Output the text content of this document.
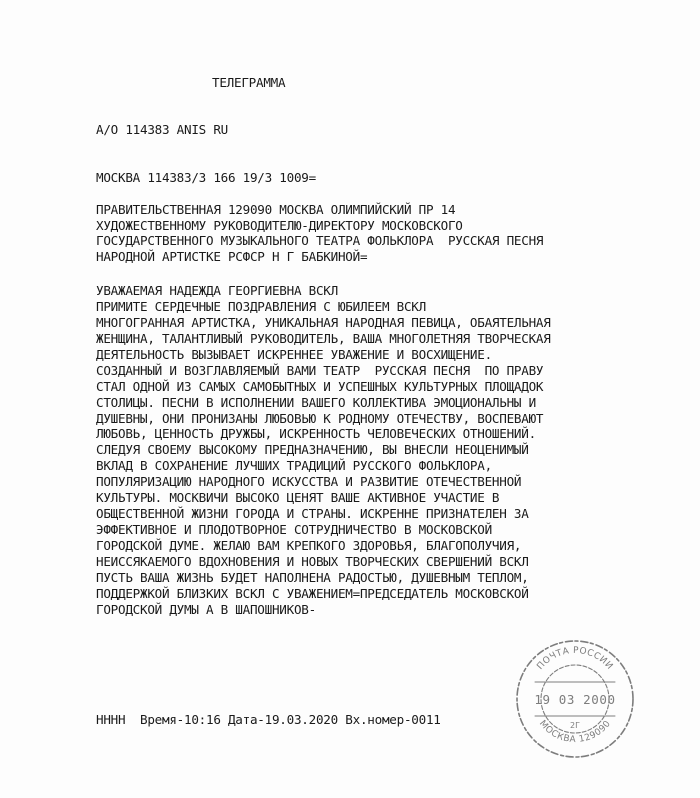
ТЕЛЕГРАММА
А/О 114383 ANIS RU
МОСКВА 114383/3 166 19/3 1009=
ПРАВИТЕЛЬСТВЕННАЯ 129090 МОСКВА ОЛИМПИЙСКИЙ ПР 14
ХУДОЖЕСТВЕННОМУ РУКОВОДИТЕЛЮ-ДИРЕКТОРУ МОСКОВСКОГО
ГОСУДАРСТВЕННОГО МУЗЫКАЛЬНОГО ТЕАТРА ФОЛЬКЛОРА  РУССКАЯ ПЕСНЯ
НАРОДНОЙ АРТИСТКЕ РСФСР Н Г БАБКИНОЙ=
УВАЖАЕМАЯ НАДЕЖДА ГЕОРГИЕВНА ВСКЛ
ПРИМИТЕ СЕРДЕЧНЫЕ ПОЗДРАВЛЕНИЯ С ЮБИЛЕЕМ ВСКЛ
МНОГОГРАННАЯ АРТИСТКА, УНИКАЛЬНАЯ НАРОДНАЯ ПЕВИЦА, ОБАЯТЕЛЬНАЯ
ЖЕНЩИНА, ТАЛАНТЛИВЫЙ РУКОВОДИТЕЛЬ, ВАША МНОГОЛЕТНЯЯ ТВОРЧЕСКАЯ
ДЕЯТЕЛЬНОСТЬ ВЫЗЫВАЕТ ИСКРЕННЕЕ УВАЖЕНИЕ И ВОСХИЩЕНИЕ.
СОЗДАННЫЙ И ВОЗГЛАВЛЯЕМЫЙ ВАМИ ТЕАТР  РУССКАЯ ПЕСНЯ  ПО ПРАВУ
СТАЛ ОДНОЙ ИЗ САМЫХ САМОБЫТНЫХ И УСПЕШНЫХ КУЛЬТУРНЫХ ПЛОЩАДОК
СТОЛИЦЫ. ПЕСНИ В ИСПОЛНЕНИИ ВАШЕГО КОЛЛЕКТИВА ЭМОЦИОНАЛЬНЫ И
ДУШЕВНЫ, ОНИ ПРОНИЗАНЫ ЛЮБОВЬЮ К РОДНОМУ ОТЕЧЕСТВУ, ВОСПЕВАЮТ
ЛЮБОВЬ, ЦЕННОСТЬ ДРУЖБЫ, ИСКРЕННОСТЬ ЧЕЛОВЕЧЕСКИХ ОТНОШЕНИЙ.
СЛЕДУЯ СВОЕМУ ВЫСОКОМУ ПРЕДНАЗНАЧЕНИЮ, ВЫ ВНЕСЛИ НЕОЦЕНИМЫЙ
ВКЛАД В СОХРАНЕНИЕ ЛУЧШИХ ТРАДИЦИЙ РУССКОГО ФОЛЬКЛОРА,
ПОПУЛЯРИЗАЦИЮ НАРОДНОГО ИСКУССТВА И РАЗВИТИЕ ОТЕЧЕСТВЕННОЙ
КУЛЬТУРЫ. МОСКВИЧИ ВЫСОКО ЦЕНЯТ ВАШЕ АКТИВНОЕ УЧАСТИЕ В
ОБЩЕСТВЕННОЙ ЖИЗНИ ГОРОДА И СТРАНЫ. ИСКРЕННЕ ПРИЗНАТЕЛЕН ЗА
ЭФФЕКТИВНОЕ И ПЛОДОТВОРНОЕ СОТРУДНИЧЕСТВО В МОСКОВСКОЙ
ГОРОДСКОЙ ДУМЕ. ЖЕЛАЮ ВАМ КРЕПКОГО ЗДОРОВЬЯ, БЛАГОПОЛУЧИЯ,
НЕИССЯКАЕМОГО ВДОХНОВЕНИЯ И НОВЫХ ТВОРЧЕСКИХ СВЕРШЕНИЙ ВСКЛ
ПУСТЬ ВАША ЖИЗНЬ БУДЕТ НАПОЛНЕНА РАДОСТЬЮ, ДУШЕВНЫМ ТЕПЛОМ,
ПОДДЕРЖКОЙ БЛИЗКИХ ВСКЛ С УВАЖЕНИЕМ=ПРЕДСЕДАТЕЛЬ МОСКОВСКОЙ
ГОРОДСКОЙ ДУМЫ А В ШАПОШНИКОВ-
НННН  Время-10:16 Дата-19.03.2020 Вх.номер-0011
ПОЧТА РОССИИ
19 03 2000
2Г
МОСКВА 129090
